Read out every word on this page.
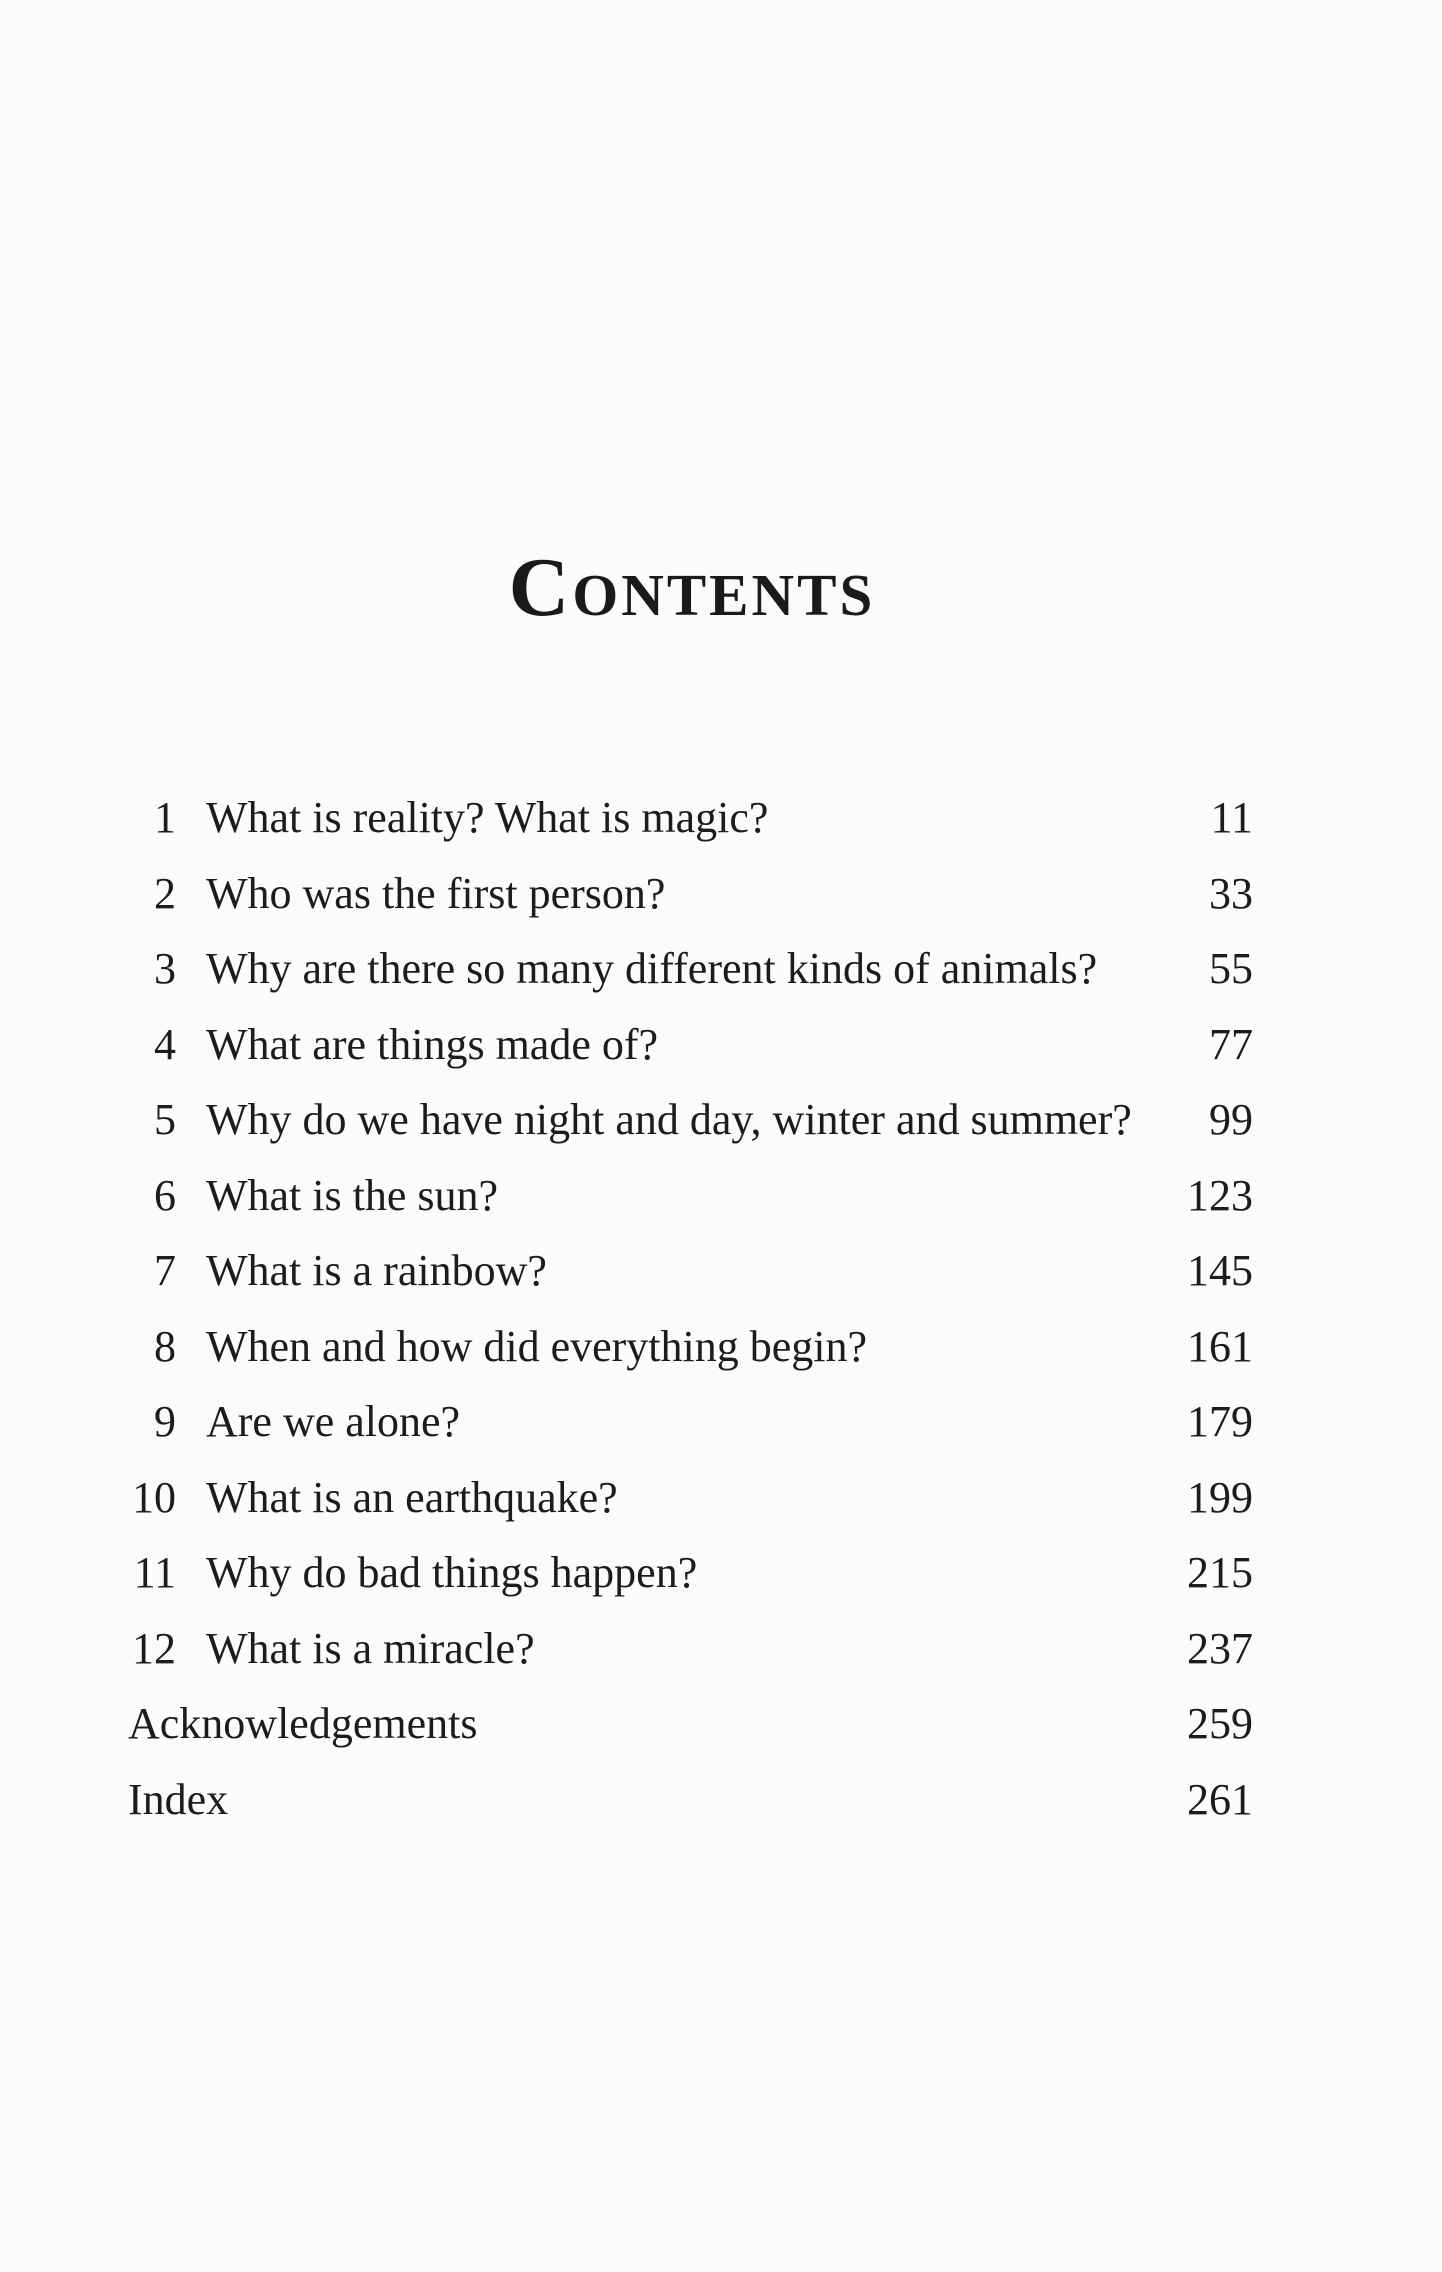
Contents
1 What is reality? What is magic?	11
2 Who was the first person?	33
3 Why are there so many different kinds of animals?	55
4 What are things made of?	77
5 Why do we have night and day, winter and summer? 99
6 What is the sun?	123
7 What is a rainbow?	145
8 When and how did everything begin?	161
9 Are we alone?	179
10 What is an earthquake?	199
11 Why do bad things happen?	215
12 What is a miracle?	237
Acknowledgements	259
Index	261
